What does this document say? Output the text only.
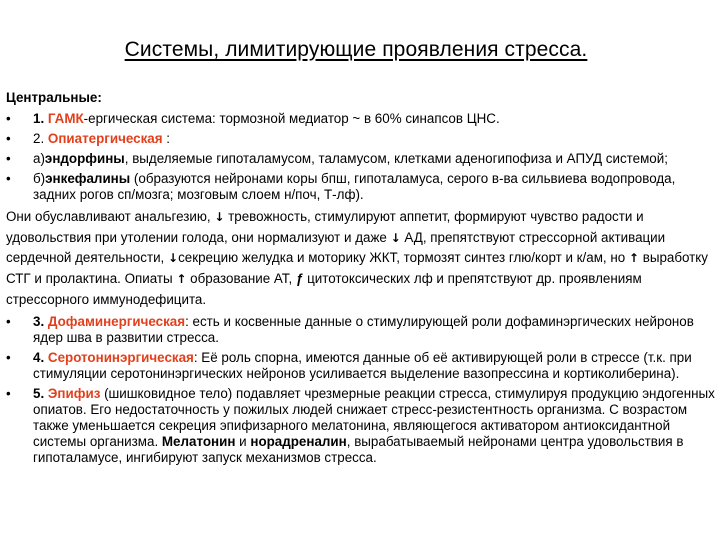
Системы, лимитирующие проявления стресса.

Центральные:

• 1. ГАМК-ергическая система: тормозной медиатор ~ в 60% синапсов ЦНС.

• 2. Опиатергическая :

• а)эндорфины, выделяемые гипоталамусом, таламусом, клетками аденогипофиза и АПУД системой;

• б)энкефалины (образуются нейронами коры бпш, гипоталамуса, серого в-ва сильвиева водопровода, задних рогов сп/мозга; мозговым слоем н/поч, Т-лф).

Они обуславливают анальгезию, ↓ тревожность, стимулируют аппетит, формируют чувство радости и удовольствия при утолении голода, они нормализуют и даже ↓ АД, препятствуют стрессорной активации сердечной деятельности, ↓секрецию желудка и моторику ЖКТ, тормозят синтез глю/корт и к/ам, но ↑ выработку СТГ и пролактина. Опиаты ↑ образование АТ, ƒ цитотоксических лф и препятствуют др. проявлениям стрессорного иммунодефицита.

• 3. Дофаминергическая: есть и косвенные данные о стимулирующей роли дофаминэргических нейронов ядер шва в развитии стресса.

• 4. Серотонинэргическая: Её роль спорна, имеются данные об её активирующей роли в стрессе (т.к. при стимуляции серотонинэргических нейронов усиливается выделение вазопрессина и кортиколиберина).

• 5. Эпифиз (шишковидное тело) подавляет чрезмерные реакции стресса, стимулируя продукцию эндогенных опиатов. Его недостаточность у пожилых людей снижает стресс-резистентность организма. С возрастом также уменьшается секреция эпифизарного мелатонина, являющегося активатором антиоксидантной системы организма. Мелатонин и норадреналин, вырабатываемый нейронами центра удовольствия в гипоталамусе, ингибируют запуск механизмов стресса.
